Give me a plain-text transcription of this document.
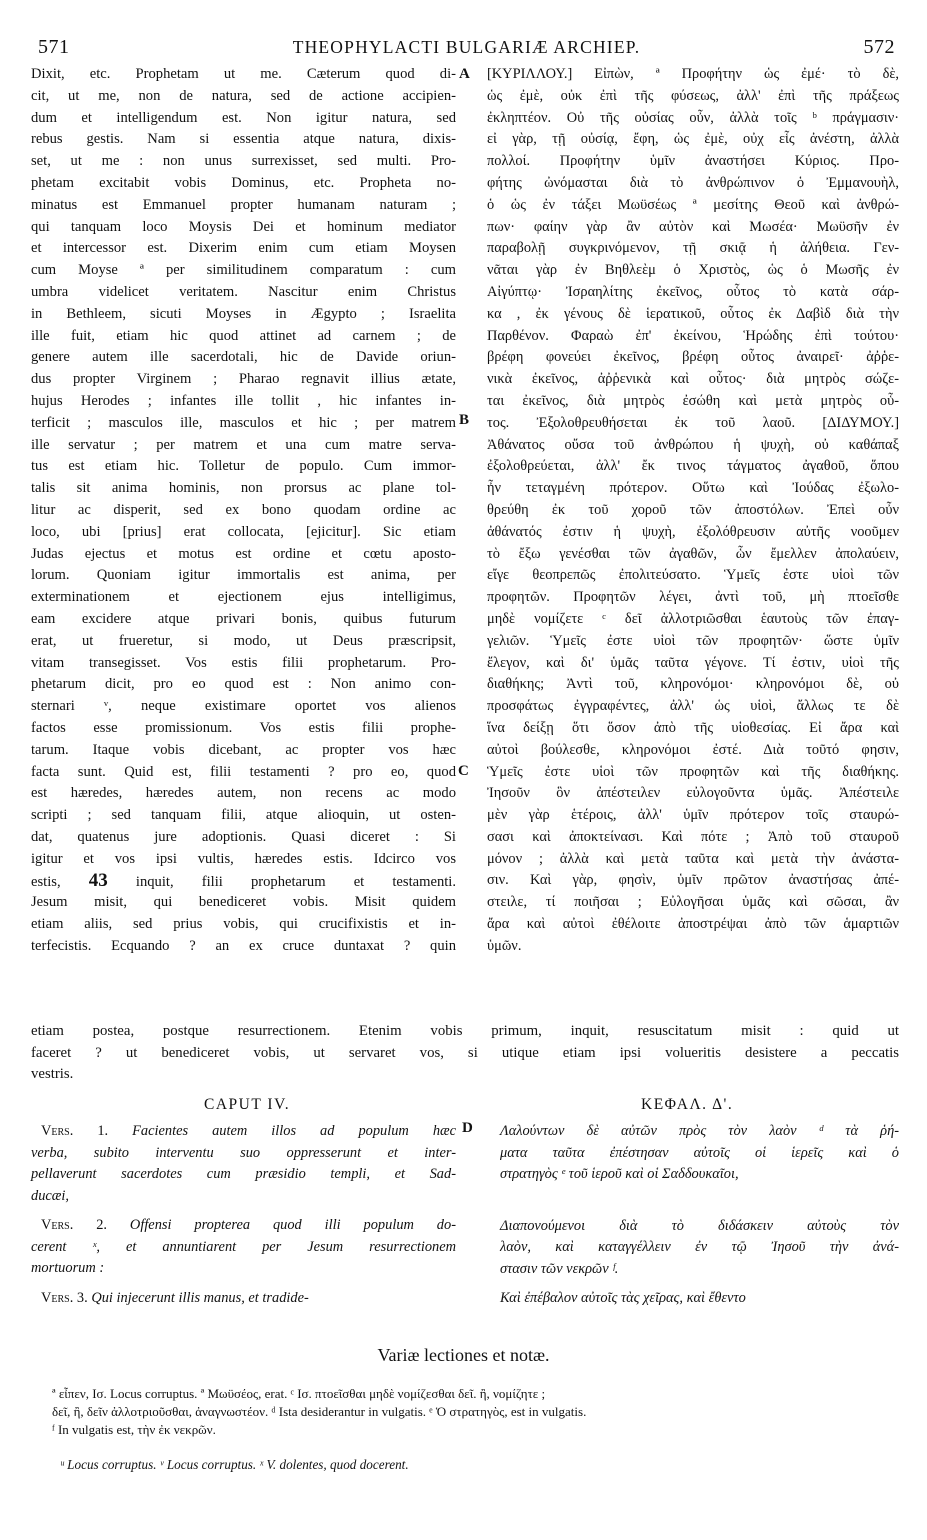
571	THEOPHYLACTI BULGARIÆ ARCHIEP.	572
Dixit, etc. Prophetam ut me. Cæterum quod di-
cit, ut me, non de natura, sed de actione accipien-
dum et intelligendum est. Non igitur natura, sed
rebus gestis. Nam si essentia atque natura, dixis-
set, ut me : non unus surrexisset, sed multi. Pro-
phetam excitabit vobis Dominus, etc. Propheta no-
minatus est Emmanuel propter humanam naturam ;
qui tanquam loco Moysis Dei et hominum mediator
et intercessor est. Dixerim enim cum etiam Moysen
cum Moyse ª per similitudinem comparatum : cum
umbra videlicet veritatem. Nascitur enim Christus
in Bethleem, sicuti Moyses in Ægypto ; Israelita
ille fuit, etiam hic quod attinet ad carnem ; de
genere autem ille sacerdotali, hic de Davide oriun-
dus propter Virginem ; Pharao regnavit illius ætate,
hujus Herodes ; infantes ille tollit , hic infantes in-
terficit ; masculos ille, masculos et hic ; per matrem
ille servatur ; per matrem et una cum matre serva-
tus est etiam hic. Tolletur de populo. Cum immor-
talis sit anima hominis, non prorsus ac plane tol-
litur ac disperit, sed ex bono quodam ordine ac
loco, ubi [prius] erat collocata, [ejicitur]. Sic etiam
Judas ejectus et motus est ordine et cœtu aposto-
lorum. Quoniam igitur immortalis est anima, per
exterminationem et ejectionem ejus intelligimus,
eam excidere atque privari bonis, quibus futurum
erat, ut frueretur, si modo, ut Deus præscripsit,
vitam transegisset. Vos estis filii prophetarum. Pro-
phetarum dicit, pro eo quod est : Non animo con-
sternari ᵛ, neque existimare oportet vos alienos
factos esse promissionum. Vos estis filii prophe-
tarum. Itaque vobis dicebant, ac propter vos hæc
facta sunt. Quid est, filii testamenti ? pro eo, quod
est hæredes, hæredes autem, non recens ac modo
scripti ; sed tanquam filii, atque alioquin, ut osten-
dat, quatenus jure adoptionis. Quasi diceret : Si
igitur et vos ipsi vultis, hæredes estis. Idcirco vos
estis, 43 inquit, filii prophetarum et testamenti.
Jesum misit, qui benediceret vobis. Misit quidem
etiam aliis, sed prius vobis, qui crucifixistis et in-
terfecistis. Ecquando ? an ex cruce duntaxat ? quin
[ΚΥΡΙΛΛΟΥ.] Εἰπὼν, ª Προφήτην ὡς ἐμέ· τὸ δὲ,
ὡς ἐμὲ, οὐκ ἐπὶ τῆς φύσεως, ἀλλ' ἐπὶ τῆς πράξεως
ἐκληπτέον. Οὐ τῆς οὐσίας οὖν, ἀλλὰ τοῖς ᵇ πράγμασιν·
εἰ γὰρ, τῇ οὐσίᾳ, ἔφη, ὡς ἐμὲ, οὐχ εἷς ἀνέστη, ἀλλὰ
πολλοί. Προφήτην ὑμῖν ἀναστήσει Κύριος. Προ-
φήτης ὠνόμασται διὰ τὸ ἀνθρώπινον ὁ Ἐμμανουὴλ,
ὁ ὡς ἐν τάξει Μωϋσέως ª μεσίτης Θεοῦ καὶ ἀνθρώ-
πων· φαίην γὰρ ἂν αὐτὸν καὶ Μωσέα· Μωϋσῆν ἐν
παραβολῇ συγκρινόμενον, τῇ σκιᾷ ἡ ἀλήθεια. Γεν-
νᾶται γὰρ ἐν Βηθλεὲμ ὁ Χριστὸς, ὡς ὁ Μωσῆς ἐν
Αἰγύπτῳ· Ἰσραηλίτης ἐκεῖνος, οὗτος τὸ κατὰ σάρ-
κα , ἐκ γένους δὲ ἱερατικοῦ, οὗτος ἐκ Δαβὶδ διὰ τὴν
Παρθένον. Φαραὼ ἐπ' ἐκείνου, Ἡρώδης ἐπὶ τούτου·
βρέφη φονεύει ἐκεῖνος, βρέφη οὗτος ἀναιρεῖ· ἀῤῥε-
νικὰ ἐκεῖνος, ἀῤῥενικὰ καὶ οὗτος· διὰ μητρὸς σώζε-
ται ἐκεῖνος, διὰ μητρὸς ἐσώθη καὶ μετὰ μητρὸς οὗ-
τος. Ἐξολοθρευθήσεται ἐκ τοῦ λαοῦ. [ΔΙΔΥΜΟΥ.]
Ἀθάνατος οὔσα τοῦ ἀνθρώπου ἡ ψυχὴ, οὐ καθάπαξ
ἐξολοθρεύεται, ἀλλ' ἔκ τινος τάγματος ἀγαθοῦ, ὅπου
ἦν τεταγμένη πρότερον. Οὕτω καὶ Ἰούδας ἐξωλο-
θρεύθη ἐκ τοῦ χοροῦ τῶν ἀποστόλων. Ἐπεὶ οὖν
ἀθάνατός ἐστιν ἡ ψυχὴ, ἐξολόθρευσιν αὐτῆς νοοῦμεν
τὸ ἔξω γενέσθαι τῶν ἀγαθῶν, ὧν ἔμελλεν ἀπολαύειν,
εἴγε θεοπρεπῶς ἐπολιτεύσατο. Ὑμεῖς ἐστε υἱοὶ τῶν
προφητῶν. Προφητῶν λέγει, ἀντὶ τοῦ, μὴ πτοεῖσθε
μηδὲ νομίζετε ᶜ δεῖ ἀλλοτριῶσθαι ἑαυτοὺς τῶν ἐπαγ-
γελιῶν. Ὑμεῖς ἐστε υἱοὶ τῶν προφητῶν· ὥστε ὑμῖν
ἔλεγον, καὶ δι' ὑμᾶς ταῦτα γέγονε. Τί ἐστιν, υἱοὶ τῆς
διαθήκης; Ἀντὶ τοῦ, κληρονόμοι· κληρονόμοι δὲ, οὐ
προσφάτως ἐγγραφέντες, ἀλλ' ὡς υἱοὶ, ἄλλως τε δὲ
ἵνα δείξῃ ὅτι ὅσον ἀπὸ τῆς υἱοθεσίας. Εἰ ἄρα καὶ
αὐτοὶ βούλεσθε, κληρονόμοι ἐστέ. Διὰ τοῦτό φησιν,
Ὑμεῖς ἐστε υἱοὶ τῶν προφητῶν καὶ τῆς διαθήκης.
Ἰησοῦν ὃν ἀπέστειλεν εὐλογοῦντα ὑμᾶς. Ἀπέστειλε
μὲν γὰρ ἑτέροις, ἀλλ' ὑμῖν πρότερον τοῖς σταυρώ-
σασι καὶ ἀποκτείνασι. Καὶ πότε ; Ἀπὸ τοῦ σταυροῦ
μόνον ; ἀλλὰ καὶ μετὰ ταῦτα καὶ μετὰ τὴν ἀνάστα-
σιν. Καὶ γὰρ, φησὶν, ὑμῖν πρῶτον ἀναστήσας ἀπέ-
στειλε, τί ποιῆσαι ; Εὐλογῆσαι ὑμᾶς καὶ σῶσαι, ἂν
ἄρα καὶ αὐτοὶ ἐθέλοιτε ἀποστρέψαι ἀπὸ τῶν ἁμαρτιῶν
ὑμῶν.
A
B
C
D
etiam postea, postque resurrectionem. Etenim vobis primum, inquit, resuscitatum misit : quid ut
faceret ? ut benediceret vobis, ut servaret vos, si utique etiam ipsi volueritis desistere a peccatis
vestris.
CAPUT IV.	ΚΕΦΑΛ. Δ'.
Vers. 1. Facientes autem illos ad populum hæc
verba, subito interventu suo oppresserunt et inter-
pellaverunt sacerdotes cum præsidio templi, et Sad-
ducæi,
Vers. 2. Offensi propterea quod illi populum do-
cerent ˣ, et annuntiarent per Jesum resurrectionem
mortuorum :
Vers. 3. Qui injecerunt illis manus, et tradide-
Λαλούντων δὲ αὐτῶν πρὸς τὸν λαὸν ᵈ τὰ ῥή-
ματα ταῦτα ἐπέστησαν αὐτοῖς οἱ ἱερεῖς καὶ ὁ
στρατηγὸς ᵉ τοῦ ἱεροῦ καὶ οἱ Σαδδουκαῖοι,
Διαπονούμενοι διὰ τὸ διδάσκειν αὐτοὺς τὸν
λαὸν, καὶ καταγγέλλειν ἐν τῷ Ἰησοῦ τὴν ἀνά-
στασιν τῶν νεκρῶν ᶠ.
Καὶ ἐπέβαλον αὐτοῖς τὰς χεῖρας, καὶ ἔθεντο
Variæ lectiones et notæ.
ª εἶπεν, Ισ. Locus corruptus. ª Μωϋσέος, erat. ᶜ Ισ. πτοεῖσθαι μηδὲ νομίζεσθαι δεῖ. ἢ, νομίζητε ;
δεῖ, ἢ, δεῖν ἀλλοτριοῦσθαι, ἀναγνωστέον. ᵈ Ista desiderantur in vulgatis. ᵉ Ὁ στρατηγὸς, est in vulgatis.
ᶠ In vulgatis est, τὴν ἐκ νεκρῶν.
ᵘ Locus corruptus. ᵛ Locus corruptus. ˣ V. dolentes, quod docerent.
